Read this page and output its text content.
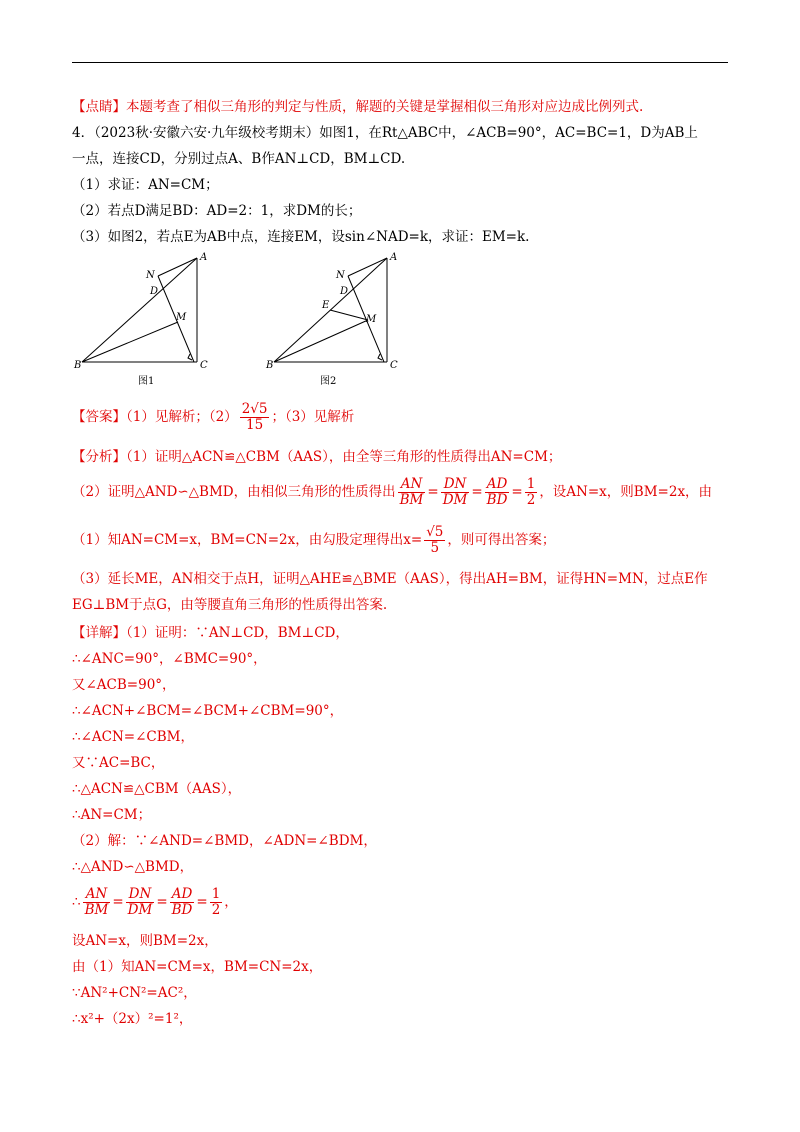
【点睛】本题考查了相似三角形的判定与性质，解题的关键是掌握相似三角形对应边成比例列式.
4．（2023秋·安徽六安·九年级校考期末）如图1，在Rt△ABC中，∠ACB=90°，AC=BC=1，D为AB上
一点，连接CD，分别过点A、B作AN⊥CD，BM⊥CD.
（1）求证：AN=CM；
（2）若点D满足BD：AD=2：1，求DM的长；
（3）如图2，若点E为AB中点，连接EM，设sin∠NAD=k，求证：EM=k.
A
B	C
D
M
N
图1
A
B	C
D
M
N
E
图2
【答案】（1）见解析；$(2) \frac{2√5}{15}$ ；（3）见解析
【分析】（1）证明△ACN≌△CBM（AAS），由全等三角形的性质得出AN=CM；
（2）证明△AND∽△BMD，由相似三角形的性质得出 $\frac{AN}{BM} = \frac{DN}{DM} = \frac{AD}{BD} = \frac{1}{2}$ ，设AN=x，则BM=2x，由
（1）知AN=CM=x，BM=CN=2x，由勾股定理得出$x= \frac{√5}{5}$ ，则可得出答案；
（3）延长ME，AN相交于点H，证明△AHE≌△BME（AAS），得出AH=BM，证得HN=MN，过点E作
EG⊥BM于点G，由等腰直角三角形的性质得出答案.
【详解】（1）证明：∵AN⊥CD，BM⊥CD，
∴∠ANC=90°，∠BMC=90°，
又∠ACB=90°，
∴∠ACN+∠BCM=∠BCM+∠CBM=90°，
∴∠ACN=∠CBM，
又∵AC=BC，
∴△ACN≌△CBM（AAS），
∴AN=CM；
（2）解：∵∠AND=∠BMD，∠ADN=∠BDM，
∴△AND∽△BMD，
∴ $\frac{AN}{BM} = \frac{DN}{DM} = \frac{AD}{BD} = \frac{1}{2}$ ，
设AN=x，则BM=2x，
由（1）知AN=CM=x，BM=CN=2x，
∵AN²+CN²=AC²，
∴x²+（2x）²=1²，
